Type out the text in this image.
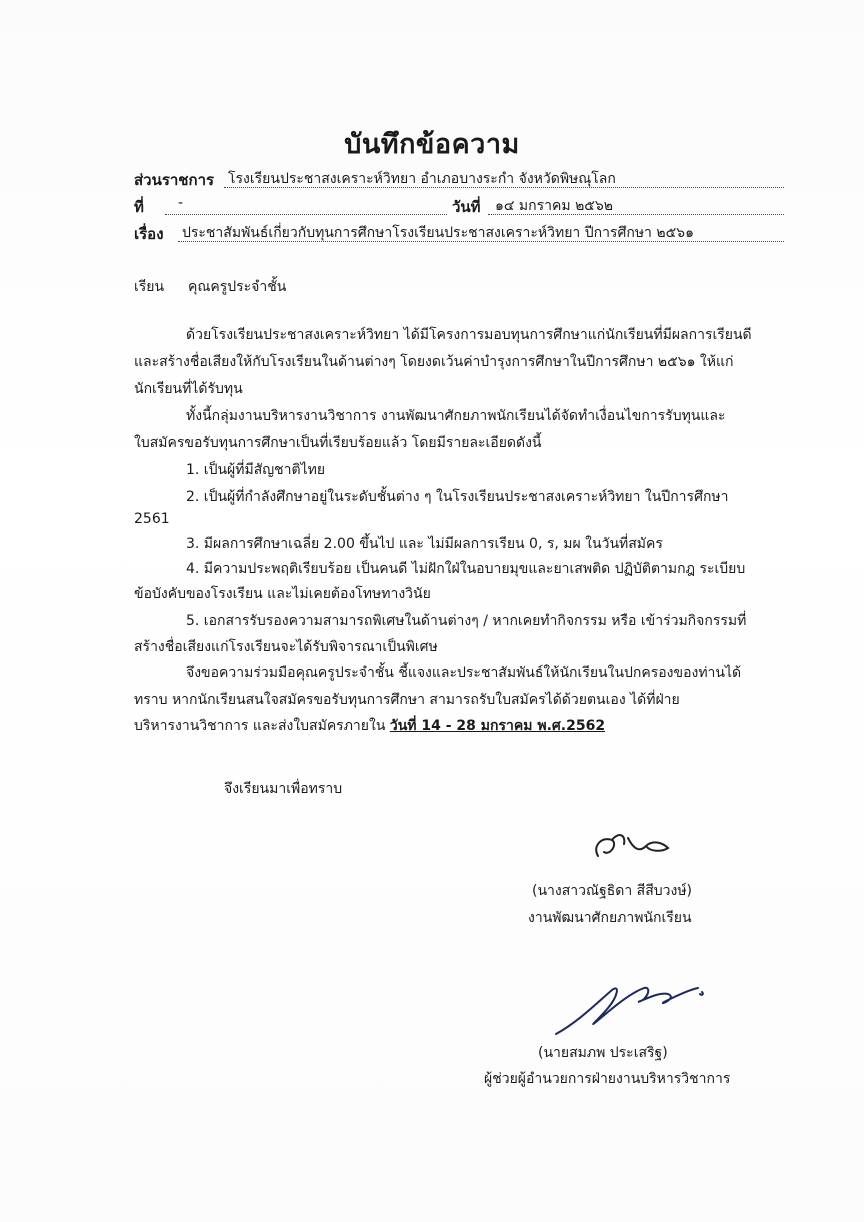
บันทึกข้อความ
ส่วนราชการ โรงเรียนประชาสงเคราะห์วิทยา อำเภอบางระกำ จังหวัดพิษณุโลก
ที่ -	วันที่ ๑๔ มกราคม ๒๕๖๒
เรื่อง ประชาสัมพันธ์เกี่ยวกับทุนการศึกษาโรงเรียนประชาสงเคราะห์วิทยา ปีการศึกษา ๒๕๖๑
เรียน คุณครูประจำชั้น
ด้วยโรงเรียนประชาสงเคราะห์วิทยา ได้มีโครงการมอบทุนการศึกษาแก่นักเรียนที่มีผลการเรียนดี
และสร้างชื่อเสียงให้กับโรงเรียนในด้านต่างๆ โดยงดเว้นค่าบำรุงการศึกษาในปีการศึกษา ๒๕๖๑ ให้แก่
นักเรียนที่ได้รับทุน
ทั้งนี้กลุ่มงานบริหารงานวิชาการ งานพัฒนาศักยภาพนักเรียนได้จัดทำเงื่อนไขการรับทุนและ
ใบสมัครขอรับทุนการศึกษาเป็นที่เรียบร้อยแล้ว โดยมีรายละเอียดดังนี้
1. เป็นผู้ที่มีสัญชาติไทย
2. เป็นผู้ที่กำลังศึกษาอยู่ในระดับชั้นต่าง ๆ ในโรงเรียนประชาสงเคราะห์วิทยา ในปีการศึกษา
2561
3. มีผลการศึกษาเฉลี่ย 2.00 ขึ้นไป และ ไม่มีผลการเรียน 0, ร, มผ ในวันที่สมัคร
4. มีความประพฤติเรียบร้อย เป็นคนดี ไม่ฝักใฝ่ในอบายมุขและยาเสพติด ปฏิบัติตามกฎ ระเบียบ
ข้อบังคับของโรงเรียน และไม่เคยต้องโทษทางวินัย
5. เอกสารรับรองความสามารถพิเศษในด้านต่างๆ / หากเคยทำกิจกรรม หรือ เข้าร่วมกิจกรรมที่
สร้างชื่อเสียงแก่โรงเรียนจะได้รับพิจารณาเป็นพิเศษ
จึงขอความร่วมมือคุณครูประจำชั้น ชี้แจงและประชาสัมพันธ์ให้นักเรียนในปกครองของท่านได้
ทราบ หากนักเรียนสนใจสมัครขอรับทุนการศึกษา สามารถรับใบสมัครได้ด้วยตนเอง ได้ที่ฝ่าย
บริหารงานวิชาการ และส่งใบสมัครภายใน วันที่ 14 - 28 มกราคม พ.ศ.2562
จึงเรียนมาเพื่อทราบ
(นางสาวณัฐธิดา สีสีบวงษ์)
งานพัฒนาศักยภาพนักเรียน
(นายสมภพ ประเสริฐ)
ผู้ช่วยผู้อำนวยการฝ่ายงานบริหารวิชาการ
